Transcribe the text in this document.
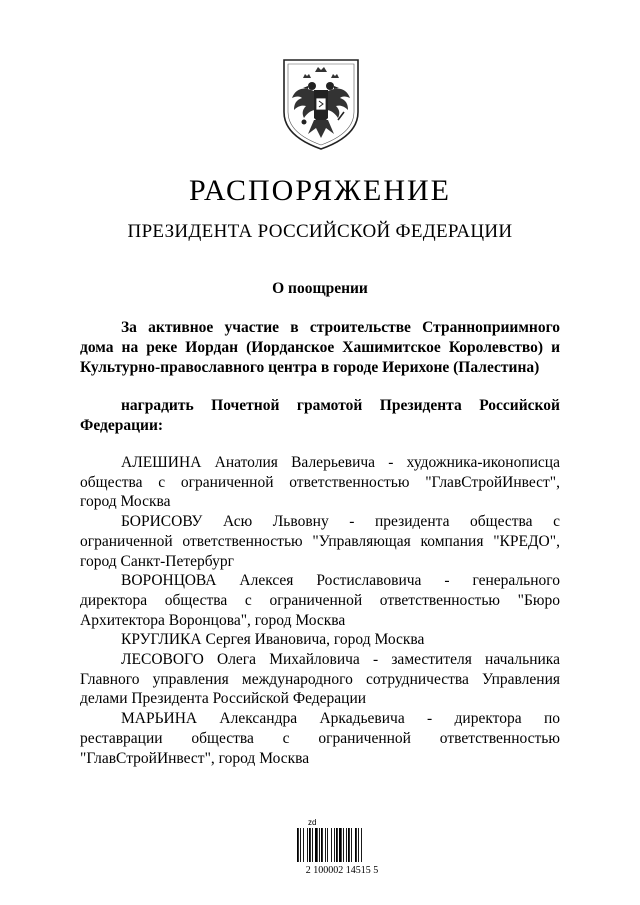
РАСПОРЯЖЕНИЕ
ПРЕЗИДЕНТА РОССИЙСКОЙ ФЕДЕРАЦИИ
О поощрении
За активное участие в строительстве Странноприимного
дома на реке Иордан (Иорданское Хашимитское Королевство) и
Культурно-православного центра в городе Иерихоне (Палестина)
наградить Почетной грамотой Президента Российской
Федерации:
АЛЕШИНА Анатолия Валерьевича - художника-иконописца
общества с ограниченной ответственностью "ГлавСтройИнвест",
город Москва
БОРИСОВУ Асю Львовну - президента общества с
ограниченной ответственностью "Управляющая компания "КРЕДО",
город Санкт-Петербург
ВОРОНЦОВА Алексея Ростиславовича - генерального
директора общества с ограниченной ответственностью "Бюро
Архитектора Воронцова", город Москва
КРУГЛИКА Сергея Ивановича, город Москва
ЛЕСОВОГО Олега Михайловича - заместителя начальника
Главного управления международного сотрудничества Управления
делами Президента Российской Федерации
МАРЬИНА Александра Аркадьевича - директора по
реставрации общества с ограниченной ответственностью
"ГлавСтройИнвест", город Москва
zd
2 100002 14515 5
